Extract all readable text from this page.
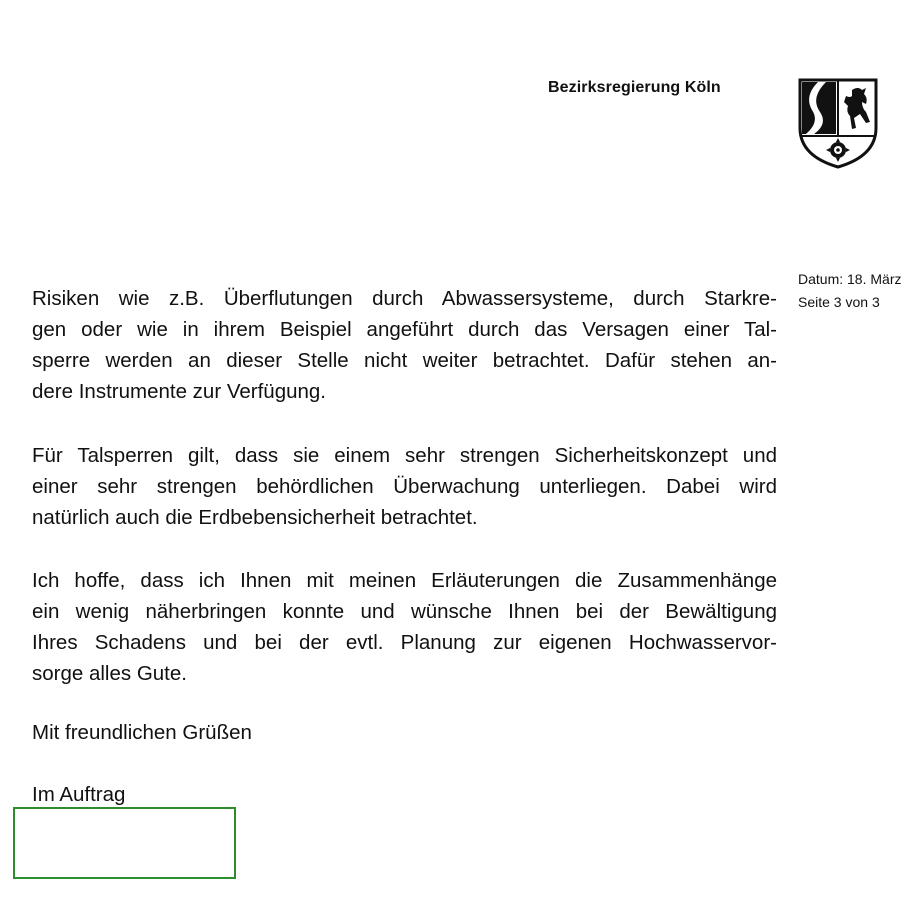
Bezirksregierung Köln
Datum: 18. März
Seite 3 von 3
Risiken wie z.B. Überflutungen durch Abwassersysteme, durch Starkre-
gen oder wie in ihrem Beispiel angeführt durch das Versagen einer Tal-
sperre werden an dieser Stelle nicht weiter betrachtet. Dafür stehen an-
dere Instrumente zur Verfügung.
Für Talsperren gilt, dass sie einem sehr strengen Sicherheitskonzept und
einer sehr strengen behördlichen Überwachung unterliegen. Dabei wird
natürlich auch die Erdbebensicherheit betrachtet.
Ich hoffe, dass ich Ihnen mit meinen Erläuterungen die Zusammenhänge
ein wenig näherbringen konnte und wünsche Ihnen bei der Bewältigung
Ihres Schadens und bei der evtl. Planung zur eigenen Hochwasservor-
sorge alles Gute.
Mit freundlichen Grüßen
Im Auftrag
